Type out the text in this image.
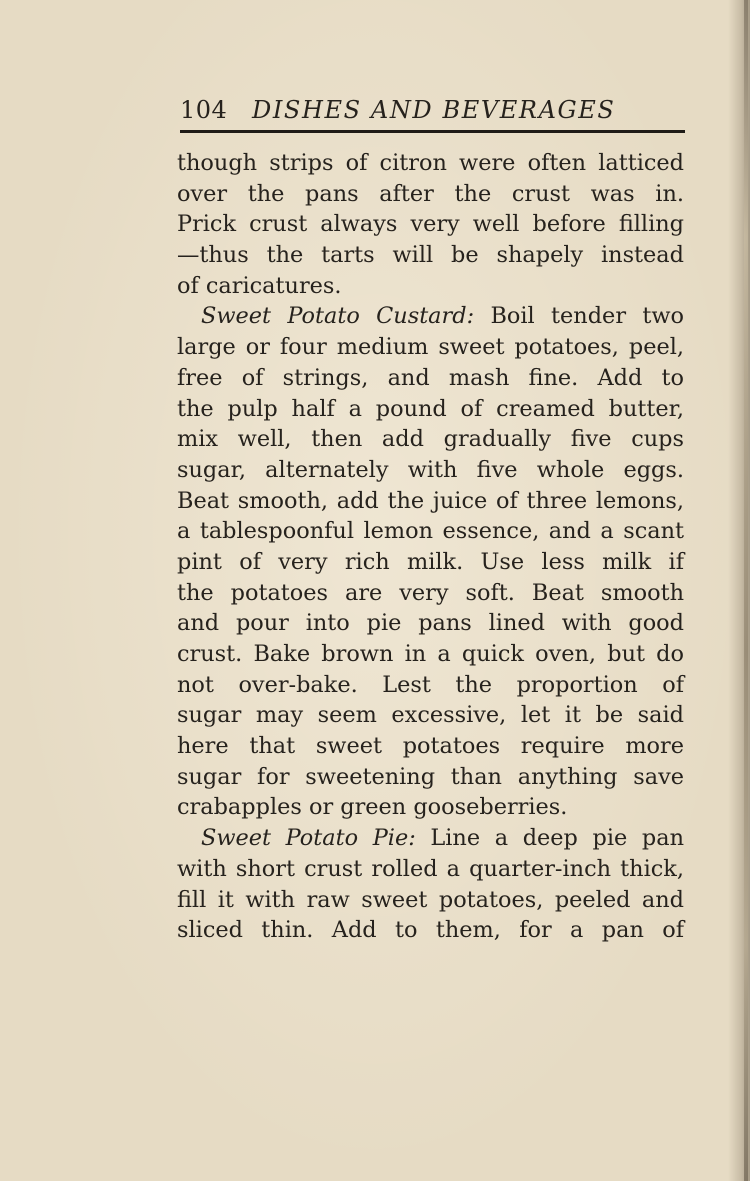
104 DISHES AND BEVERAGES
though strips of citron were often latticed
over the pans after the crust was in.
Prick crust always very well before filling
—thus the tarts will be shapely instead
of caricatures.
Sweet Potato Custard: Boil tender two
large or four medium sweet potatoes, peel,
free of strings, and mash fine. Add to
the pulp half a pound of creamed butter,
mix well, then add gradually five cups
sugar, alternately with five whole eggs.
Beat smooth, add the juice of three lemons,
a tablespoonful lemon essence, and a scant
pint of very rich milk. Use less milk if
the potatoes are very soft. Beat smooth
and pour into pie pans lined with good
crust. Bake brown in a quick oven, but do
not over-bake. Lest the proportion of
sugar may seem excessive, let it be said
here that sweet potatoes require more
sugar for sweetening than anything save
crabapples or green gooseberries.
Sweet Potato Pie: Line a deep pie pan
with short crust rolled a quarter-inch thick,
fill it with raw sweet potatoes, peeled and
sliced thin. Add to them, for a pan of
